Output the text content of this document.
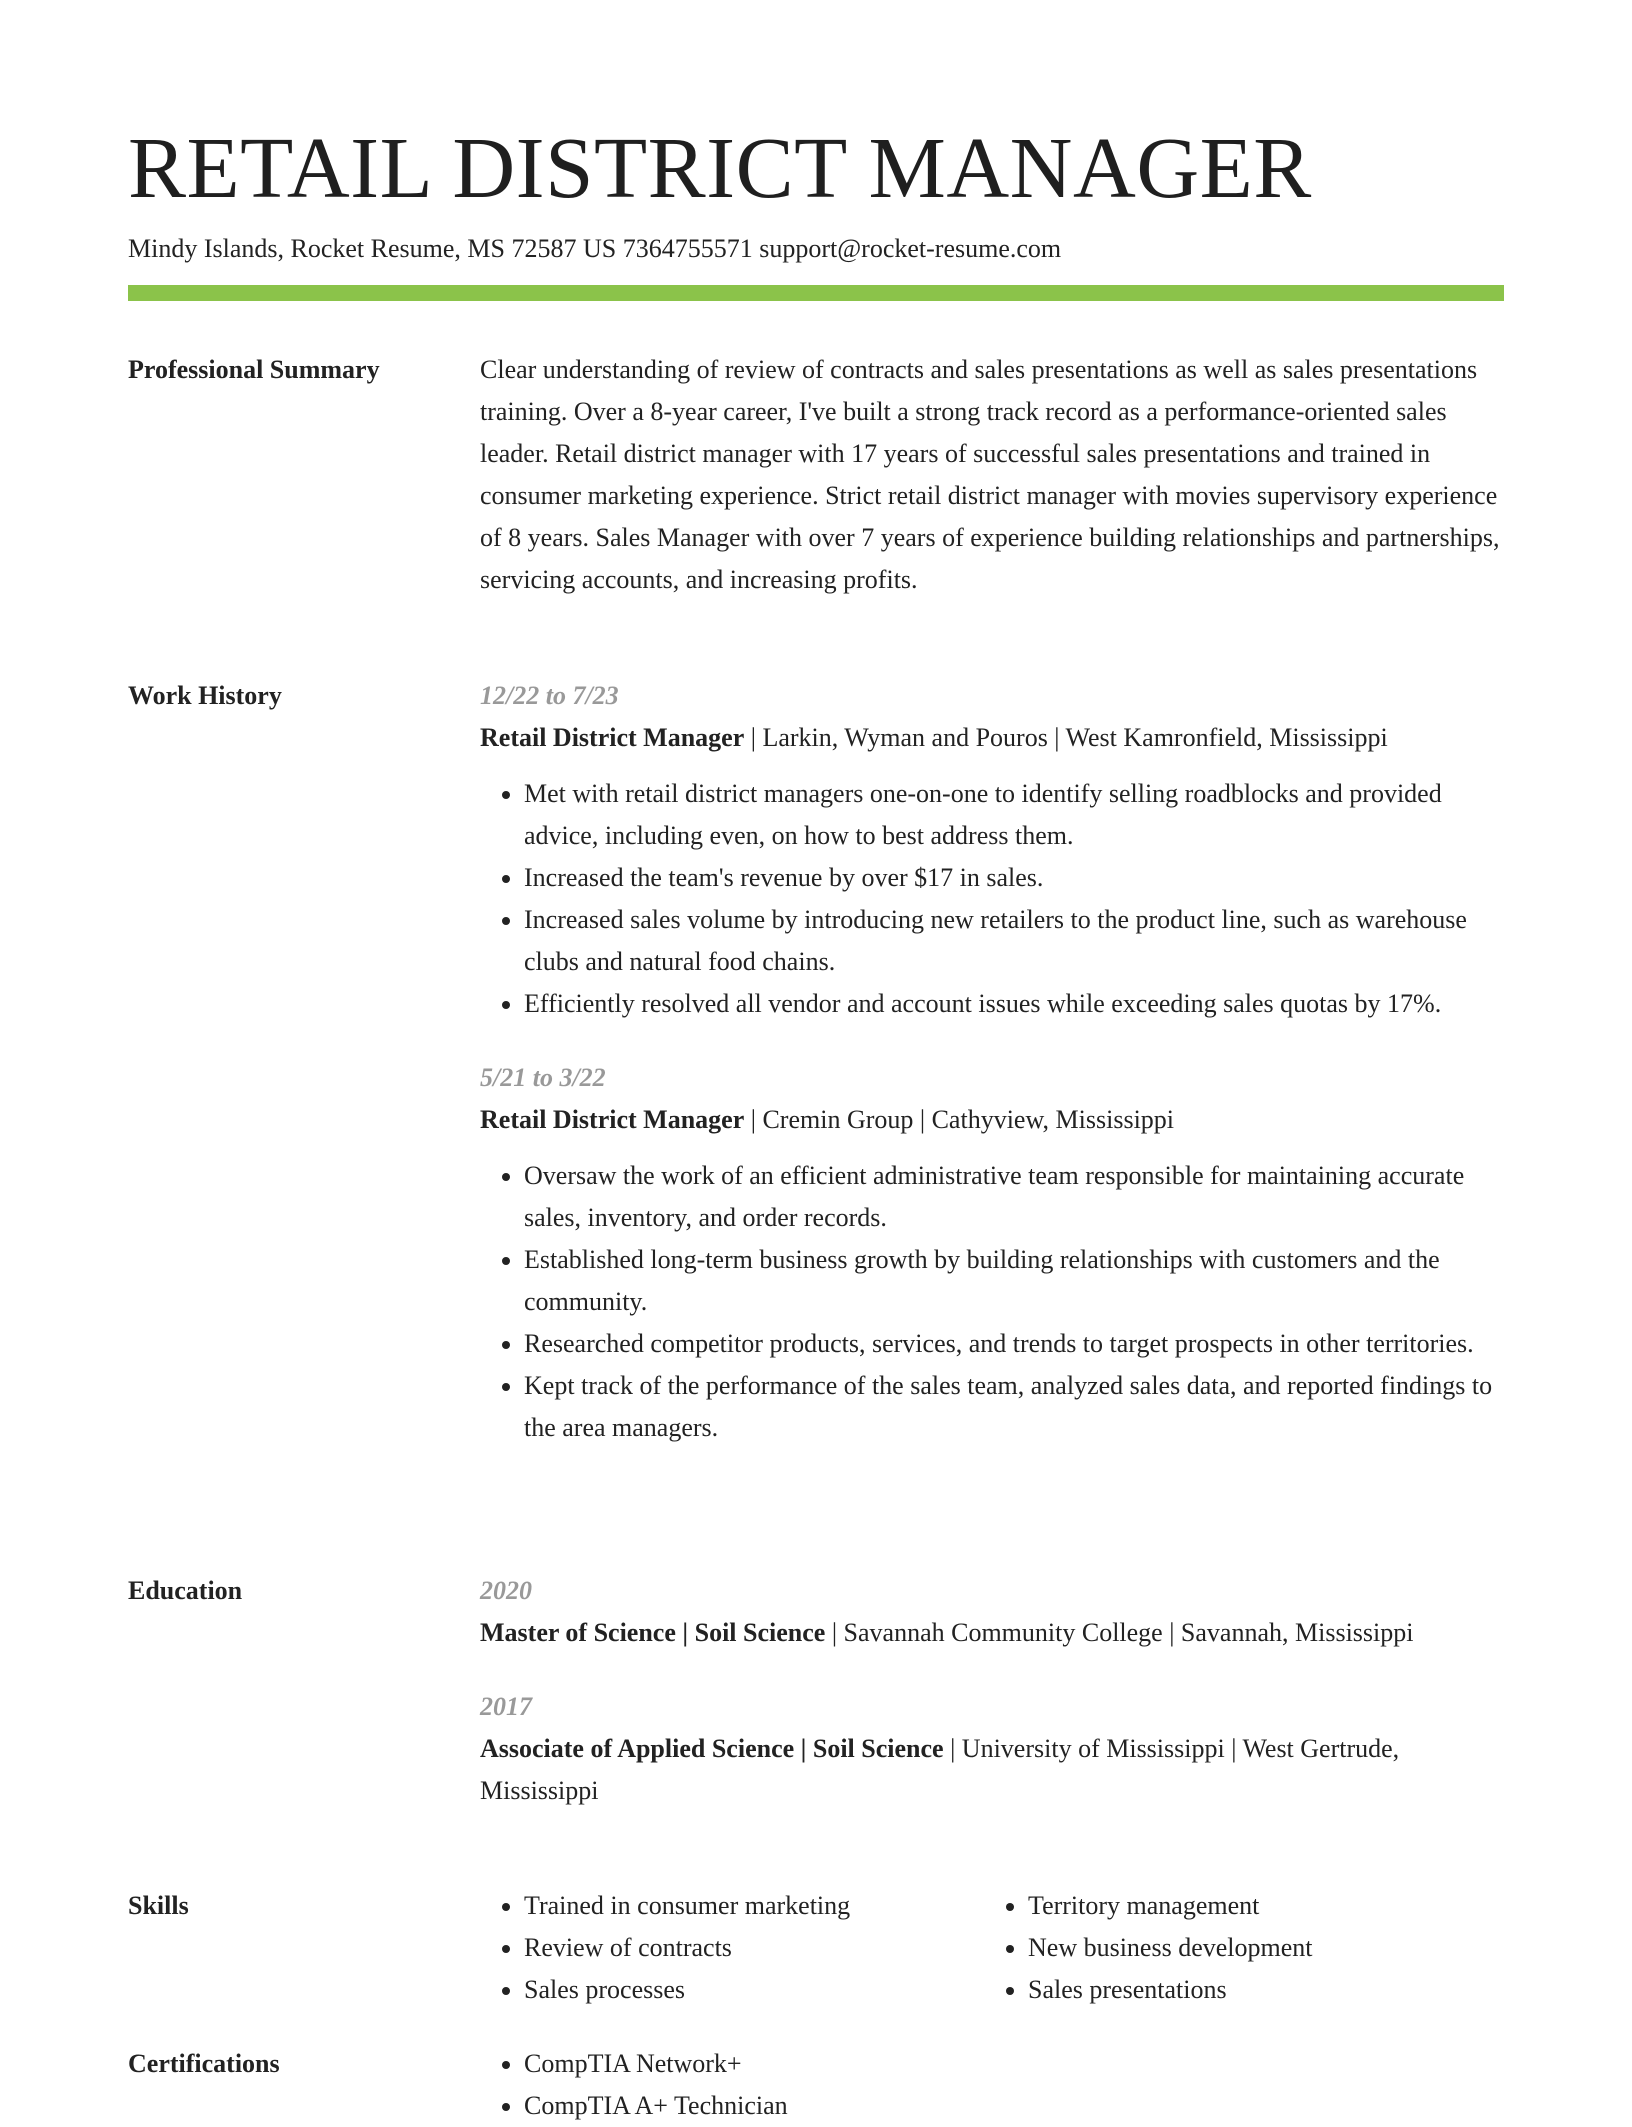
RETAIL DISTRICT MANAGER
Mindy Islands, Rocket Resume, MS 72587 US 7364755571 support@rocket-resume.com
Professional Summary	Clear understanding of review of contracts and sales presentations as well as sales presentations training. Over a 8-year career, I've built a strong track record as a performance-oriented sales leader. Retail district manager with 17 years of successful sales presentations and trained in consumer marketing experience. Strict retail district manager with movies supervisory experience of 8 years. Sales Manager with over 7 years of experience building relationships and partnerships, servicing accounts, and increasing profits.

Work History	12/22 to 7/23

Retail District Manager | Larkin, Wyman and Pouros | West Kamronfield, Mississippi

• Met with retail district managers one-on-one to identify selling roadblocks and provided advice, including even, on how to best address them.
• Increased the team's revenue by over $17 in sales.
• Increased sales volume by introducing new retailers to the product line, such as warehouse clubs and natural food chains.
• Efficiently resolved all vendor and account issues while exceeding sales quotas by 17%.

5/21 to 3/22

Retail District Manager | Cremin Group | Cathyview, Mississippi

• Oversaw the work of an efficient administrative team responsible for maintaining accurate sales, inventory, and order records.
• Established long-term business growth by building relationships with customers and the community.
• Researched competitor products, services, and trends to target prospects in other territories.
• Kept track of the performance of the sales team, analyzed sales data, and reported findings to the area managers.
Education	2020

Master of Science | Soil Science | Savannah Community College | Savannah, Mississippi

2017

Associate of Applied Science | Soil Science | University of Mississippi | West Gertrude, Mississippi

Skills	• Trained in consumer marketing
• Review of contracts
• Sales processes
• Territory management
• New business development
• Sales presentations
Certifications	• CompTIA Network+
• CompTIA A+ Technician
